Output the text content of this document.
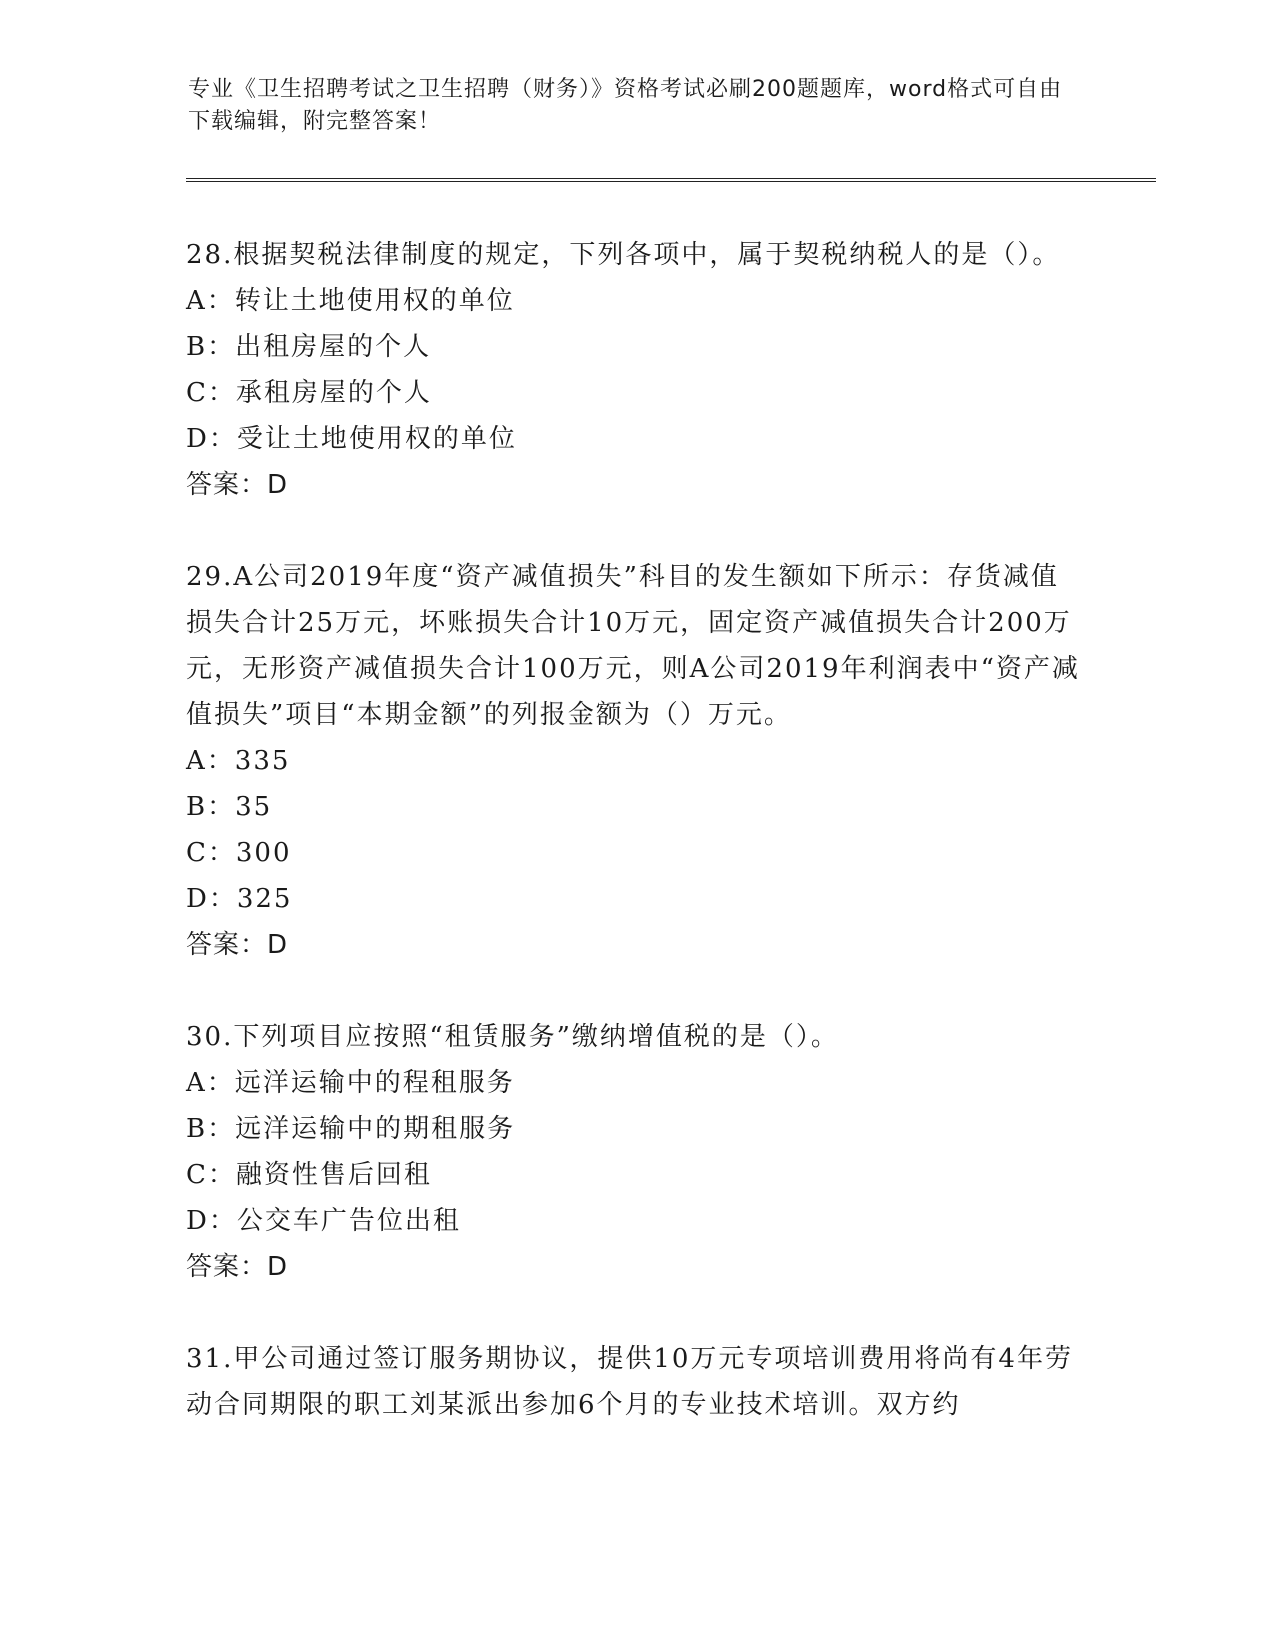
专业《卫生招聘考试之卫生招聘（财务）》资格考试必刷200题题库，word格式可自由下载编辑，附完整答案！
28.根据契税法律制度的规定，下列各项中，属于契税纳税人的是（）。
A：转让土地使用权的单位
B：出租房屋的个人
C：承租房屋的个人
D：受让土地使用权的单位
答案：D
29.A公司2019年度“资产减值损失”科目的发生额如下所示：存货减值损失合计25万元，坏账损失合计10万元，固定资产减值损失合计200万元，无形资产减值损失合计100万元，则A公司2019年利润表中“资产减值损失”项目“本期金额”的列报金额为（）万元。
A：335
B：35
C：300
D：325
答案：D
30.下列项目应按照“租赁服务”缴纳增值税的是（）。
A：远洋运输中的程租服务
B：远洋运输中的期租服务
C：融资性售后回租
D：公交车广告位出租
答案：D
31.甲公司通过签订服务期协议，提供10万元专项培训费用将尚有4年劳动合同期限的职工刘某派出参加6个月的专业技术培训。双方约
